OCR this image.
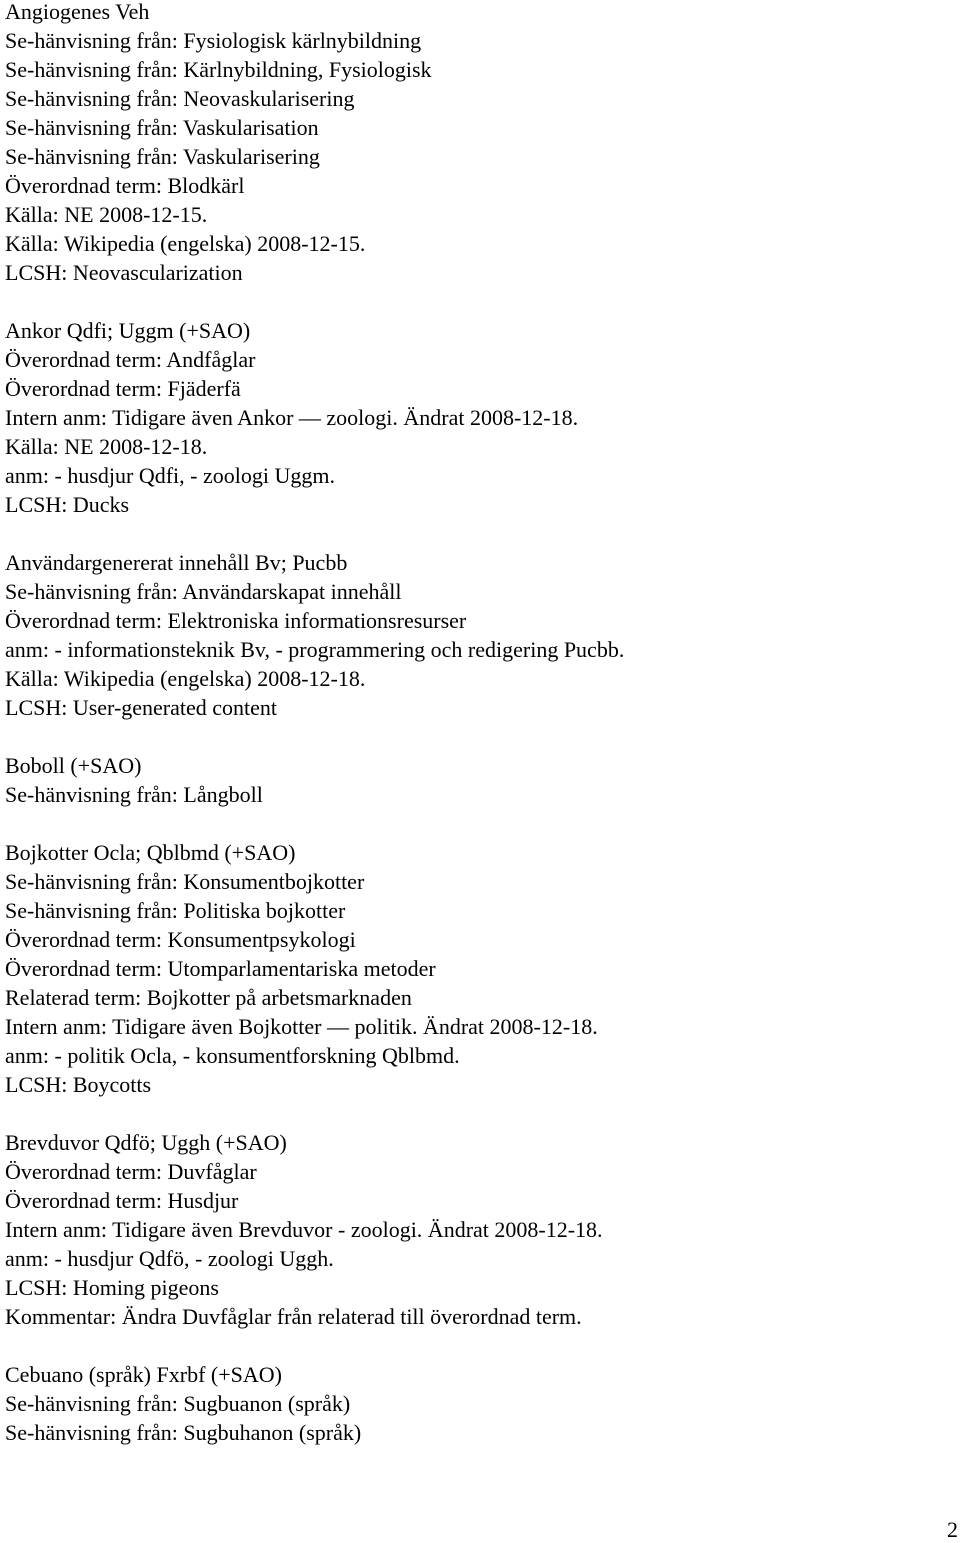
Angiogenes Veh
Se-hänvisning från: Fysiologisk kärlnybildning
Se-hänvisning från: Kärlnybildning, Fysiologisk
Se-hänvisning från: Neovaskularisering
Se-hänvisning från: Vaskularisation
Se-hänvisning från: Vaskularisering
Överordnad term: Blodkärl
Källa: NE 2008-12-15.
Källa: Wikipedia (engelska) 2008-12-15.
LCSH: Neovascularization
Ankor Qdfi; Uggm (+SAO)
Överordnad term: Andfåglar
Överordnad term: Fjäderfä
Intern anm: Tidigare även Ankor — zoologi. Ändrat 2008-12-18.
Källa: NE 2008-12-18.
anm: - husdjur Qdfi, - zoologi Uggm.
LCSH: Ducks
Användargenererat innehåll Bv; Pucbb
Se-hänvisning från: Användarskapat innehåll
Överordnad term: Elektroniska informationsresurser
anm: - informationsteknik Bv, - programmering och redigering Pucbb.
Källa: Wikipedia (engelska) 2008-12-18.
LCSH: User-generated content
Boboll (+SAO)
Se-hänvisning från: Långboll
Bojkotter Ocla; Qblbmd (+SAO)
Se-hänvisning från: Konsumentbojkotter
Se-hänvisning från: Politiska bojkotter
Överordnad term: Konsumentpsykologi
Överordnad term: Utomparlamentariska metoder
Relaterad term: Bojkotter på arbetsmarknaden
Intern anm: Tidigare även Bojkotter — politik. Ändrat 2008-12-18.
anm: - politik Ocla, - konsumentforskning Qblbmd.
LCSH: Boycotts
Brevduvor Qdfö; Uggh (+SAO)
Överordnad term: Duvfåglar
Överordnad term: Husdjur
Intern anm: Tidigare även Brevduvor - zoologi. Ändrat 2008-12-18.
anm: - husdjur Qdfö, - zoologi Uggh.
LCSH: Homing pigeons
Kommentar: Ändra Duvfåglar från relaterad till överordnad term.
Cebuano (språk) Fxrbf (+SAO)
Se-hänvisning från: Sugbuanon (språk)
Se-hänvisning från: Sugbuhanon (språk)
2
